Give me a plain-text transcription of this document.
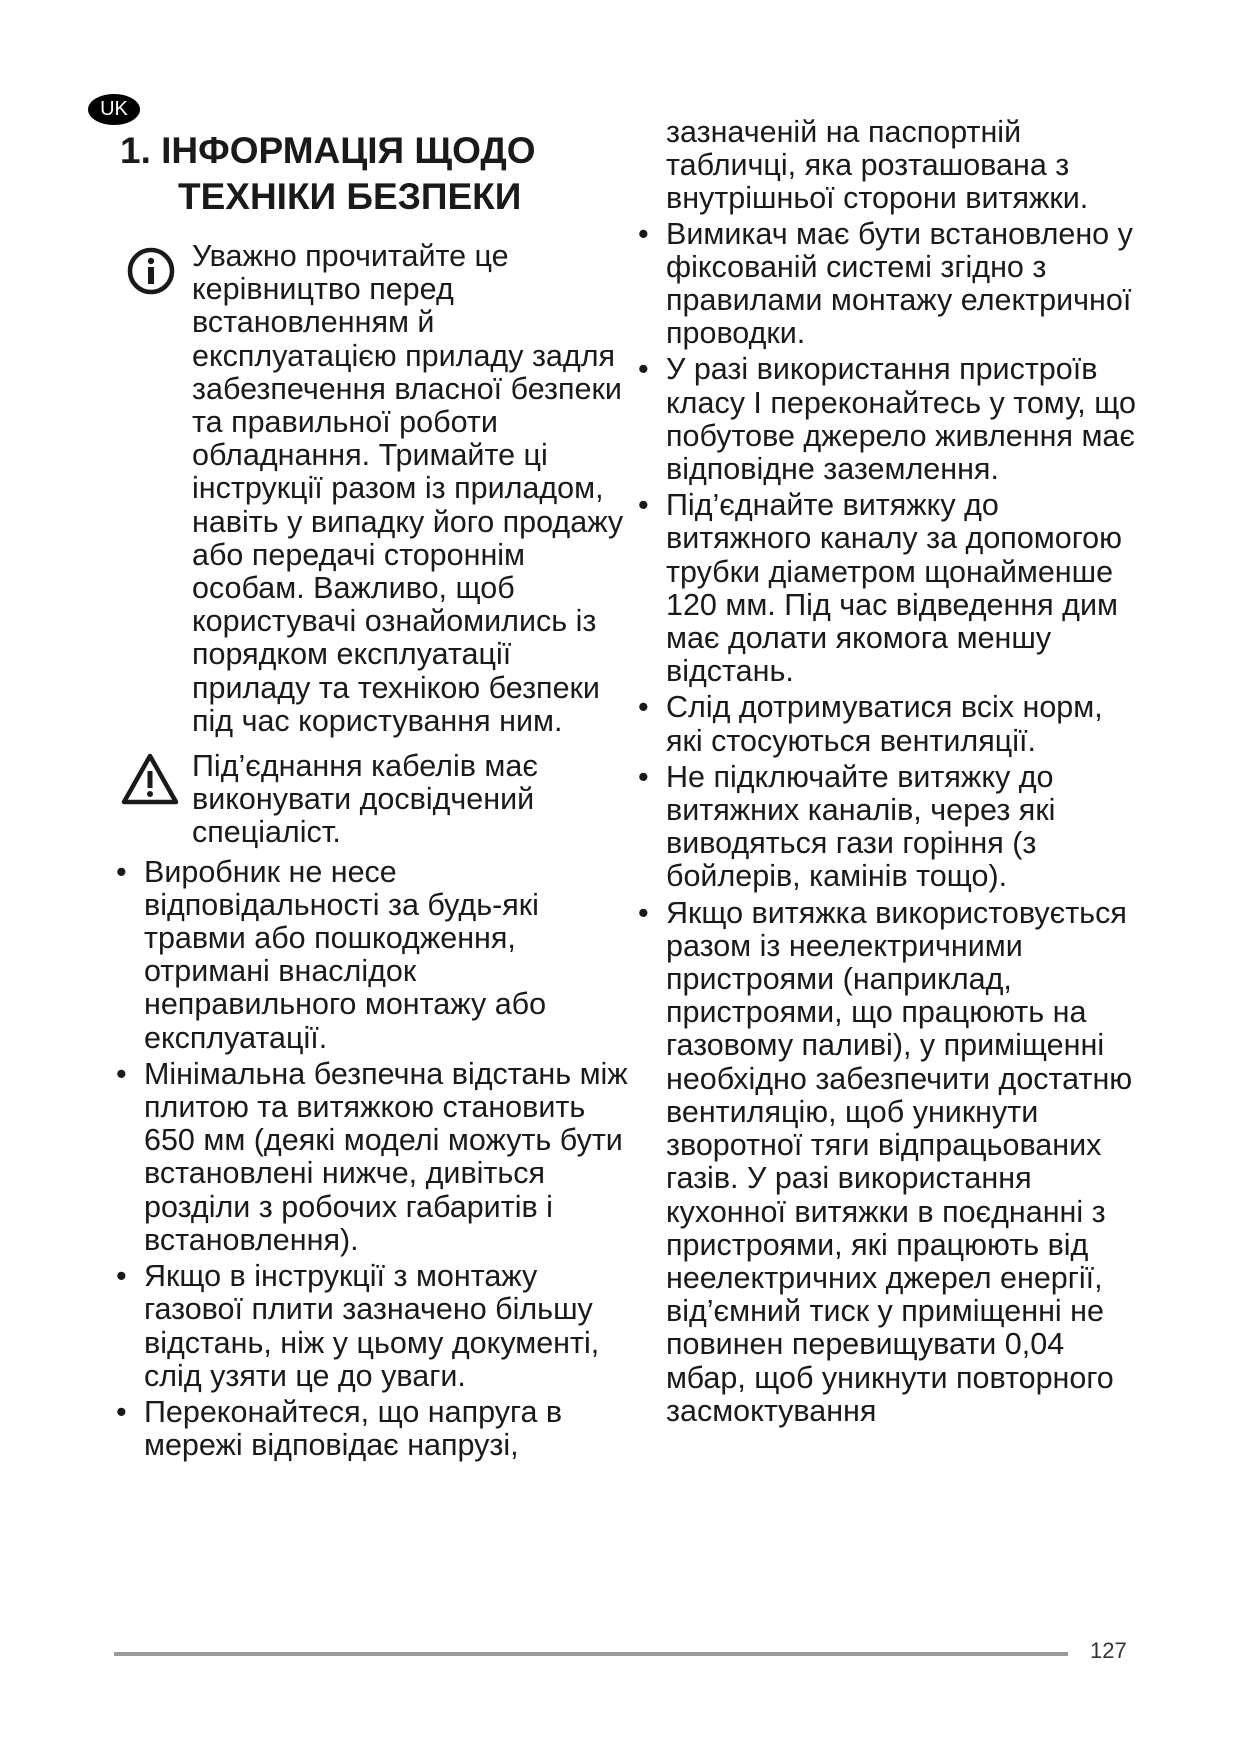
UK
1. ІНФОРМАЦІЯ ЩОДО
ТЕХНІКИ БЕЗПЕКИ
Уважно прочитайте це керівництво перед встановленням й експлуатацією приладу задля забезпечення власної безпеки та правильної роботи обладнання. Тримайте ці інструкції разом із приладом, навіть у випадку його продажу або передачі стороннім особам. Важливо, щоб користувачі ознайомились із порядком експлуатації приладу та технікою безпеки під час користування ним.
Під’єднання кабелів має виконувати досвідчений спеціаліст.
• Виробник не несе відповідальності за будь-які травми або пошкодження, отримані внаслідок неправильного монтажу або експлуатації.
• Мінімальна безпечна відстань між плитою та витяжкою становить 650 мм (деякі моделі можуть бути встановлені нижче, дивіться розділи з робочих габаритів і встановлення).
• Якщо в інструкції з монтажу газової плити зазначено більшу відстань, ніж у цьому документі, слід узяти це до уваги.
• Переконайтеся, що напруга в мережі відповідає напрузі,

зазначеній на паспортній табличці, яка розташована з внутрішньої сторони витяжки.

• Вимикач має бути встановлено у фіксованій системі згідно з правилами монтажу електричної проводки.
• У разі використання пристроїв класу I переконайтесь у тому, що побутове джерело живлення має відповідне заземлення.
• Під’єднайте витяжку до витяжного каналу за допомогою трубки діаметром щонайменше 120 мм. Під час відведення дим має долати якомога меншу відстань.
• Слід дотримуватися всіх норм, які стосуються вентиляції.
• Не підключайте витяжку до витяжних каналів, через які виводяться гази горіння (з бойлерів, камінів тощо).
• Якщо витяжка використовується разом із неелектричними пристроями (наприклад, пристроями, що працюють на газовому паливі), у приміщенні необхідно забезпечити достатню вентиляцію, щоб уникнути зворотної тяги відпрацьованих газів. У разі використання кухонної витяжки в поєднанні з пристроями, які працюють від неелектричних джерел енергії, від’ємний тиск у приміщенні не повинен перевищувати 0,04 мбар, щоб уникнути повторного засмоктування
127
